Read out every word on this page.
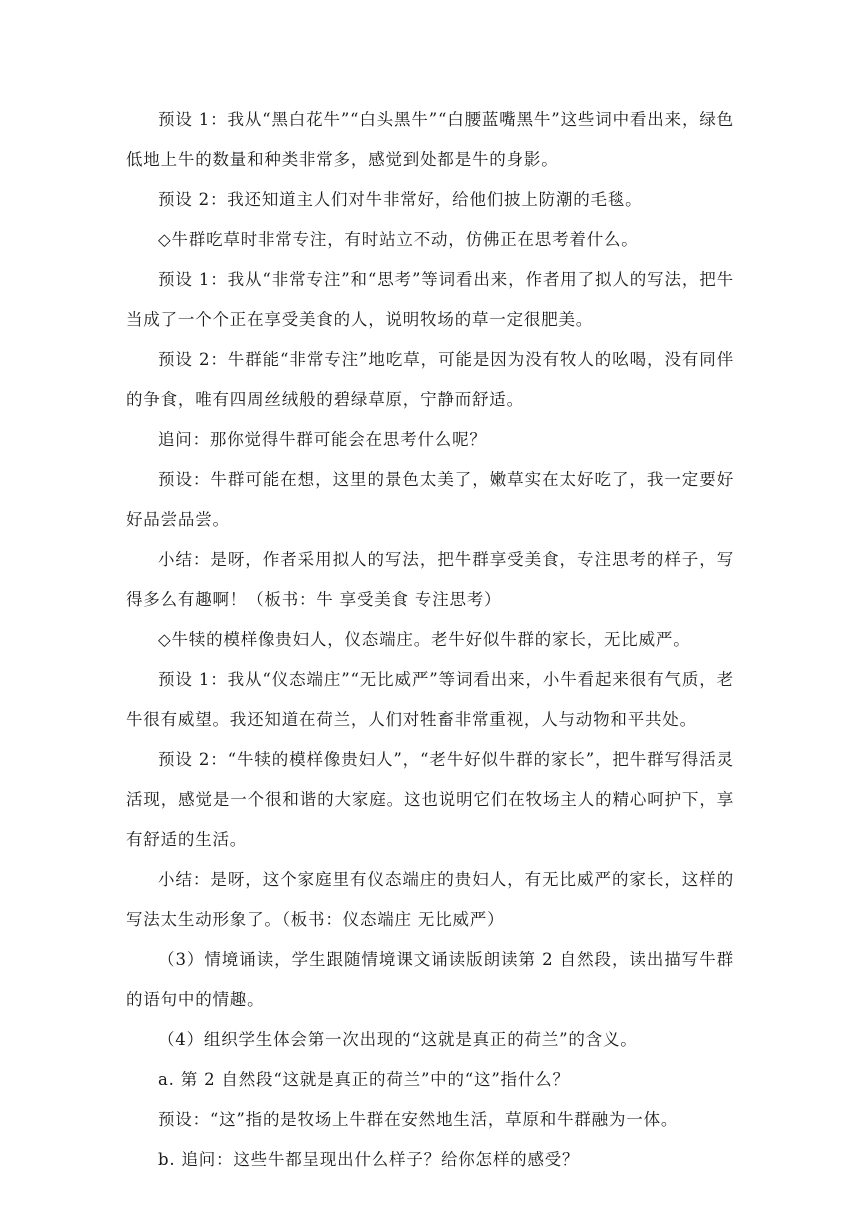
预设 1：我从“黑白花牛”“白头黑牛”“白腰蓝嘴黑牛”这些词中看出来，绿色低地上牛的数量和种类非常多，感觉到处都是牛的身影。

预设 2：我还知道主人们对牛非常好，给他们披上防潮的毛毯。

◇牛群吃草时非常专注，有时站立不动，仿佛正在思考着什么。

预设 1：我从“非常专注”和“思考”等词看出来，作者用了拟人的写法，把牛当成了一个个正在享受美食的人，说明牧场的草一定很肥美。

预设 2：牛群能“非常专注”地吃草，可能是因为没有牧人的吆喝，没有同伴的争食，唯有四周丝绒般的碧绿草原，宁静而舒适。

追问：那你觉得牛群可能会在思考什么呢？

预设：牛群可能在想，这里的景色太美了，嫩草实在太好吃了，我一定要好好品尝品尝。

小结：是呀，作者采用拟人的写法，把牛群享受美食，专注思考的样子，写得多么有趣啊！（板书：牛 享受美食 专注思考）

◇牛犊的模样像贵妇人，仪态端庄。老牛好似牛群的家长，无比威严。

预设 1：我从“仪态端庄”“无比威严”等词看出来，小牛看起来很有气质，老牛很有威望。我还知道在荷兰，人们对牲畜非常重视，人与动物和平共处。

预设 2：“牛犊的模样像贵妇人”，“老牛好似牛群的家长”，把牛群写得活灵活现，感觉是一个很和谐的大家庭。这也说明它们在牧场主人的精心呵护下，享有舒适的生活。

小结：是呀，这个家庭里有仪态端庄的贵妇人，有无比威严的家长，这样的写法太生动形象了。（板书：仪态端庄 无比威严）

（3）情境诵读，学生跟随情境课文诵读版朗读第 2 自然段，读出描写牛群的语句中的情趣。

（4）组织学生体会第一次出现的“这就是真正的荷兰”的含义。

a. 第 2 自然段“这就是真正的荷兰”中的“这”指什么？

预设：“这”指的是牧场上牛群在安然地生活，草原和牛群融为一体。

b. 追问：这些牛都呈现出什么样子？给你怎样的感受？
